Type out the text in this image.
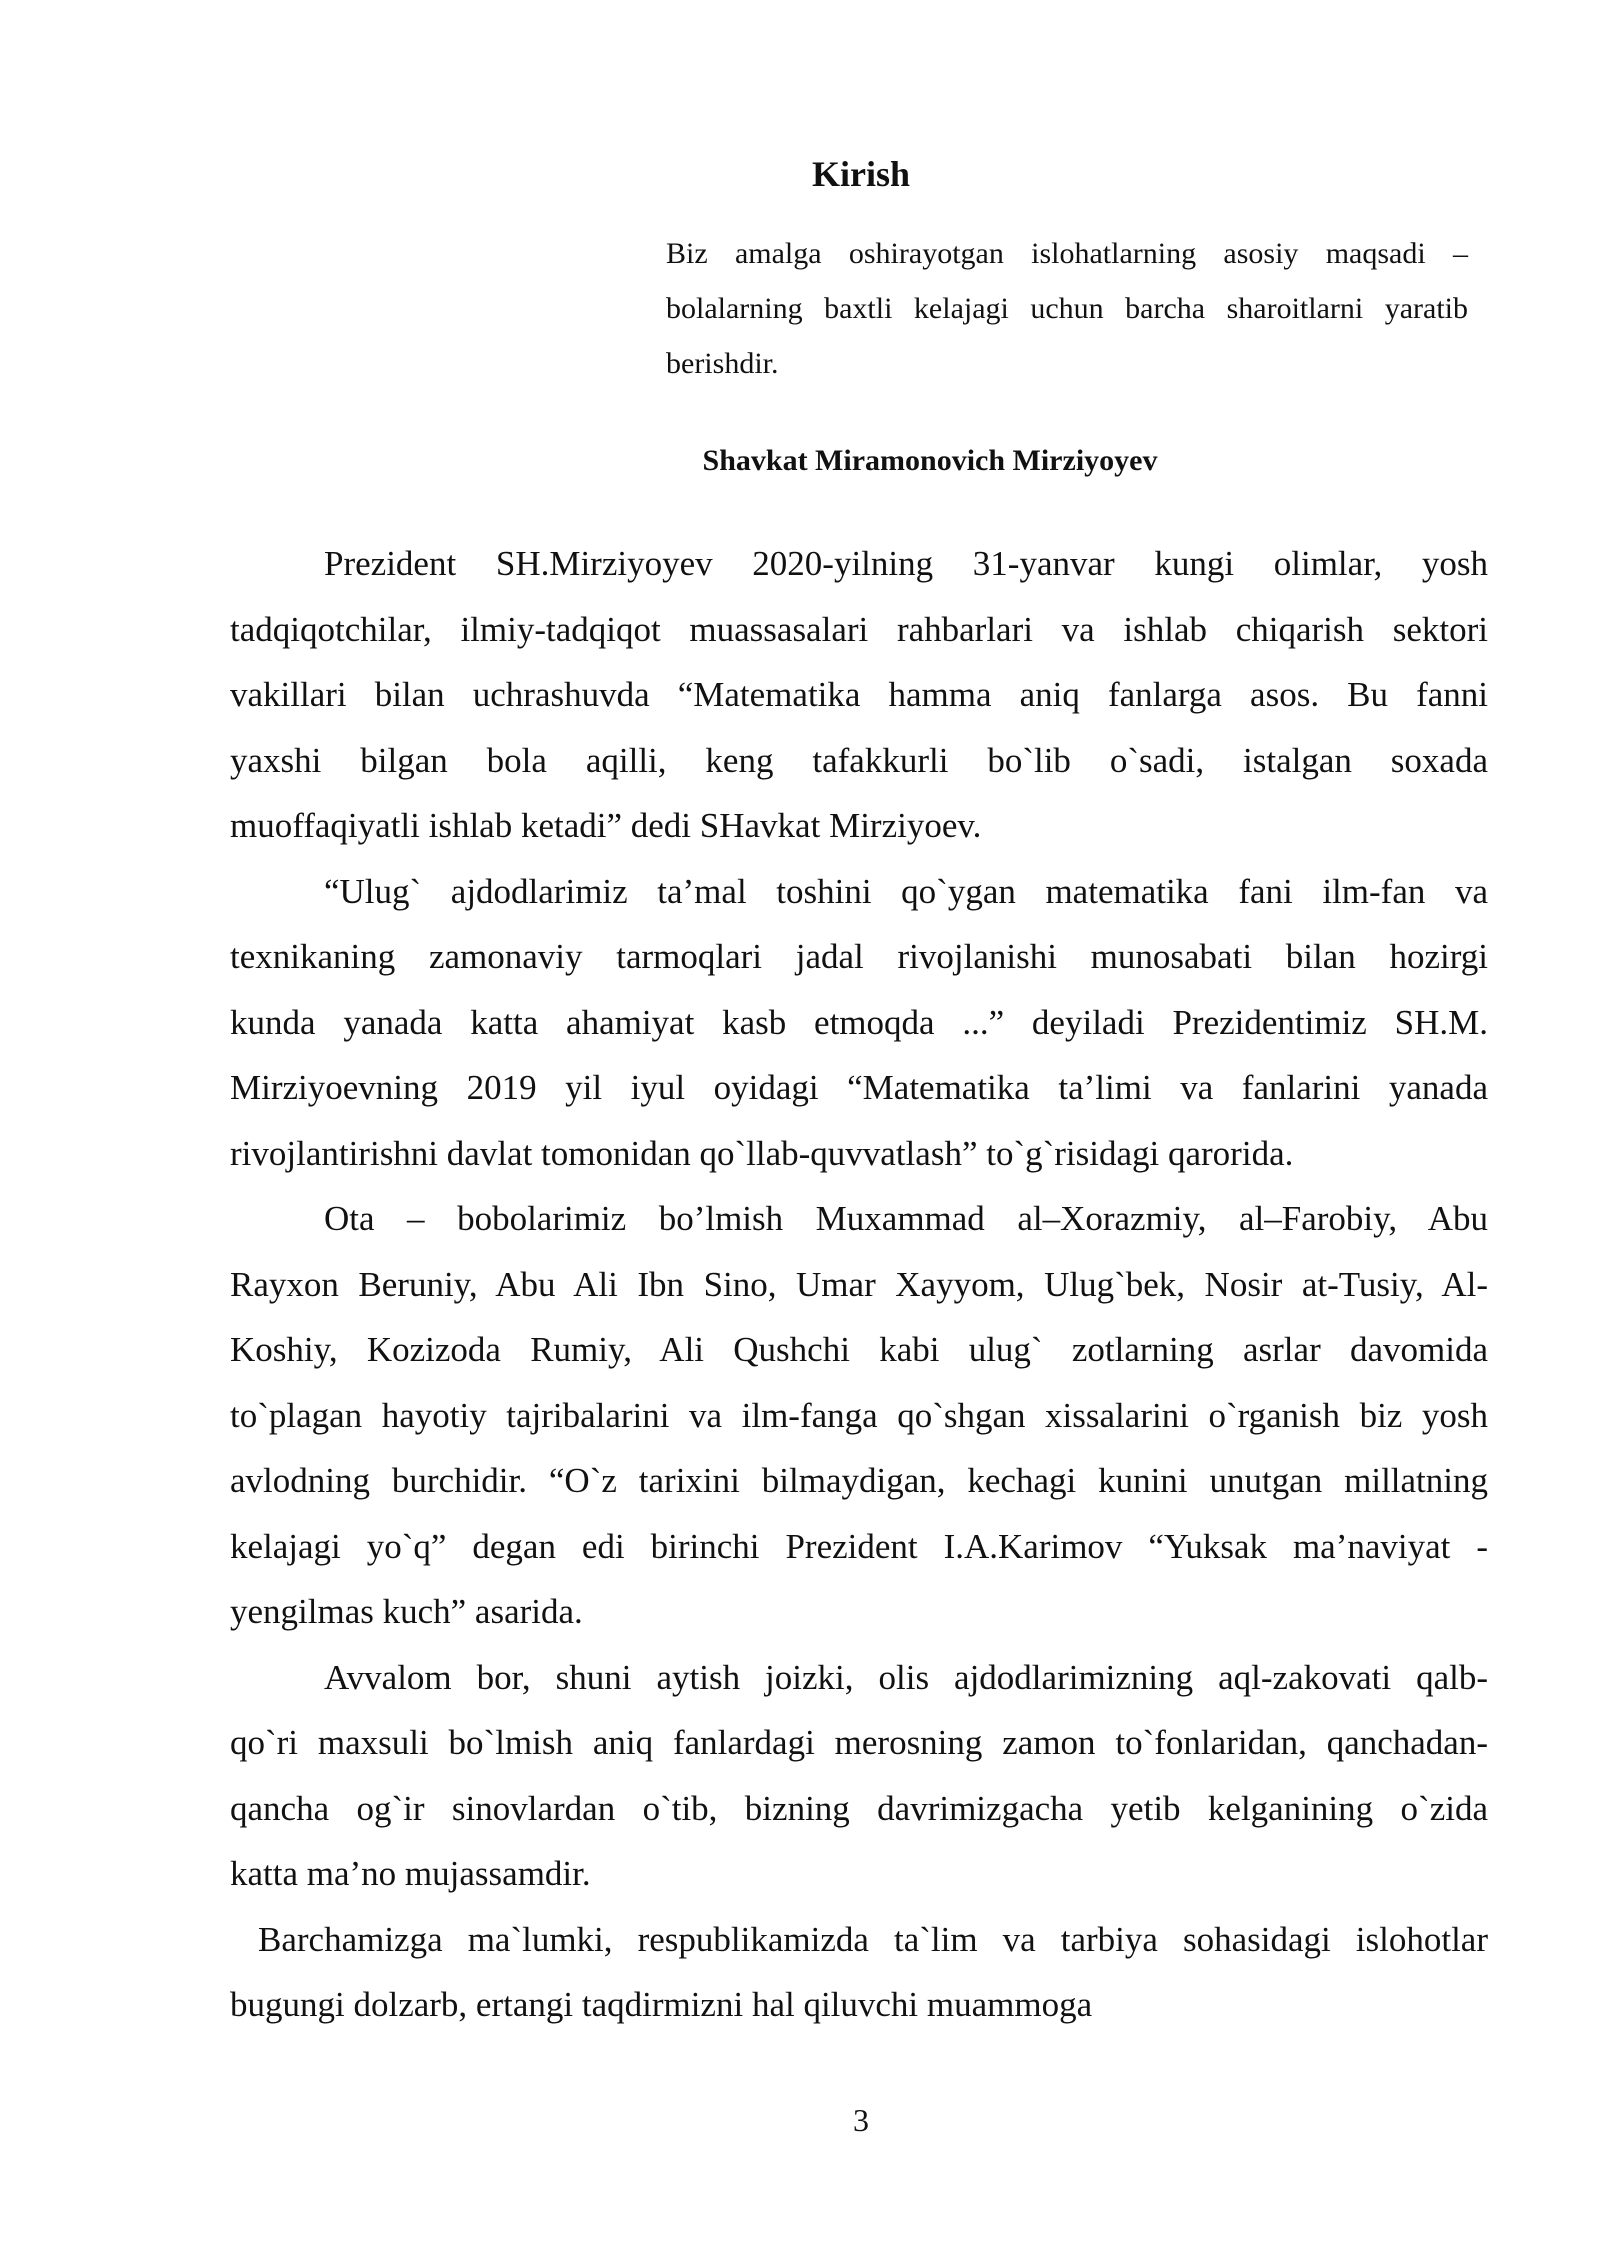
Kirish
Biz amalga oshirayotgan islohatlarning asosiy maqsadi –
bolalarning baxtli kelajagi uchun barcha sharoitlarni yaratib
berishdir.
Shavkat Miramonovich Mirziyoyev
Prezident SH.Mirziyoyev 2020-yilning 31-yanvar kungi olimlar, yosh
tadqiqotchilar, ilmiy-tadqiqot muassasalari rahbarlari va ishlab chiqarish sektori
vakillari bilan uchrashuvda “Matematika hamma aniq fanlarga asos. Bu fanni
yaxshi bilgan bola aqilli, keng tafakkurli bo`lib o`sadi, istalgan soxada
muoffaqiyatli ishlab ketadi” dedi SHavkat Mirziyoev.
“Ulug` ajdodlarimiz ta’mal toshini qo`ygan matematika fani ilm-fan va
texnikaning zamonaviy tarmoqlari jadal rivojlanishi munosabati bilan hozirgi
kunda yanada katta ahamiyat kasb etmoqda ...” deyiladi Prezidentimiz SH.M.
Mirziyoevning 2019 yil iyul oyidagi “Matematika ta’limi va fanlarini yanada
rivojlantirishni davlat tomonidan qo`llab-quvvatlash” to`g`risidagi qarorida.
Ota – bobolarimiz bo’lmish Muxammad al–Xorazmiy, al–Farobiy, Abu
Rayxon Beruniy, Abu Ali Ibn Sino, Umar Xayyom, Ulug`bek, Nosir at-Tusiy, Al-
Koshiy, Kozizoda Rumiy, Ali Qushchi kabi ulug` zotlarning asrlar davomida
to`plagan hayotiy tajribalarini va ilm-fanga qo`shgan xissalarini o`rganish biz yosh
avlodning burchidir. “O`z tarixini bilmaydigan, kechagi kunini unutgan millatning
kelajagi yo`q” degan edi birinchi Prezident I.A.Karimov “Yuksak ma’naviyat -
yengilmas kuch” asarida.
Avvalom bor, shuni aytish joizki, olis ajdodlarimizning aql-zakovati qalb-
qo`ri maxsuli bo`lmish aniq fanlardagi merosning zamon to`fonlaridan, qanchadan-
qancha og`ir sinovlardan o`tib, bizning davrimizgacha yetib kelganining o`zida
katta ma’no mujassamdir.
Barchamizga ma`lumki, respublikamizda ta`lim va tarbiya sohasidagi islohotlar
bugungi dolzarb, ertangi taqdirmizni hal qiluvchi muammoga
3
